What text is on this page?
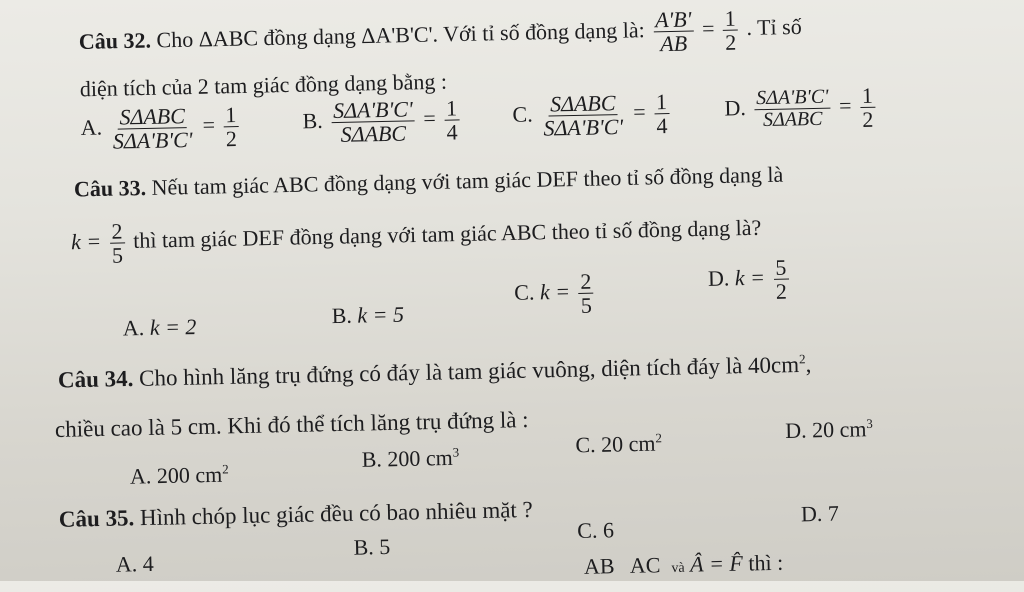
Câu 32. Cho ΔABC đồng dạng ΔA'B'C'. Với tỉ số đồng dạng là: $\frac{A'B'}{AB} = \frac{1}{2}$ . Tỉ số
diện tích của 2 tam giác đồng dạng bằng :
A. $\frac{\text{SΔABC}}{\text{SΔA'B'C'}} = \frac{1}{2}$	B. $\frac{\text{SΔA'B'C'}}{\text{SΔABC}} = \frac{1}{4} C$. $\frac{\text{SΔABC}}{\text{SΔA'B'C'}} = \frac{1}{4} D$. $\frac{\text{SΔA'B'C'}}{\text{SΔABC}} = \frac{1}{2}$
Câu 33. Nếu tam giác ABC đồng dạng với tam giác DEF theo tỉ số đồng dạng là
$k = \frac{2}{5}$ thì tam giác DEF đồng dạng với tam giác ABC theo tỉ số đồng dạng là?
A. k = 2	B. k = 5
C. $k = \frac{2}{5}$	D. $k = \frac{5}{2}$
Câu 34. Cho hình lăng trụ đứng có đáy là tam giác vuông, diện tích đáy là $40cm^2$,
chiều cao là 5 cm. Khi đó thể tích lăng trụ đứng là :
A. 200 $cm^2$	B. 200 $cm^3$	C. 20 $cm^2$	D. 20 $cm^3$
Câu 35. Hình chóp lục giác đều có bao nhiêu mặt ?
A. 4
B. 5
C. 6
D. 7
AB AC và Â = F̂ thì :
